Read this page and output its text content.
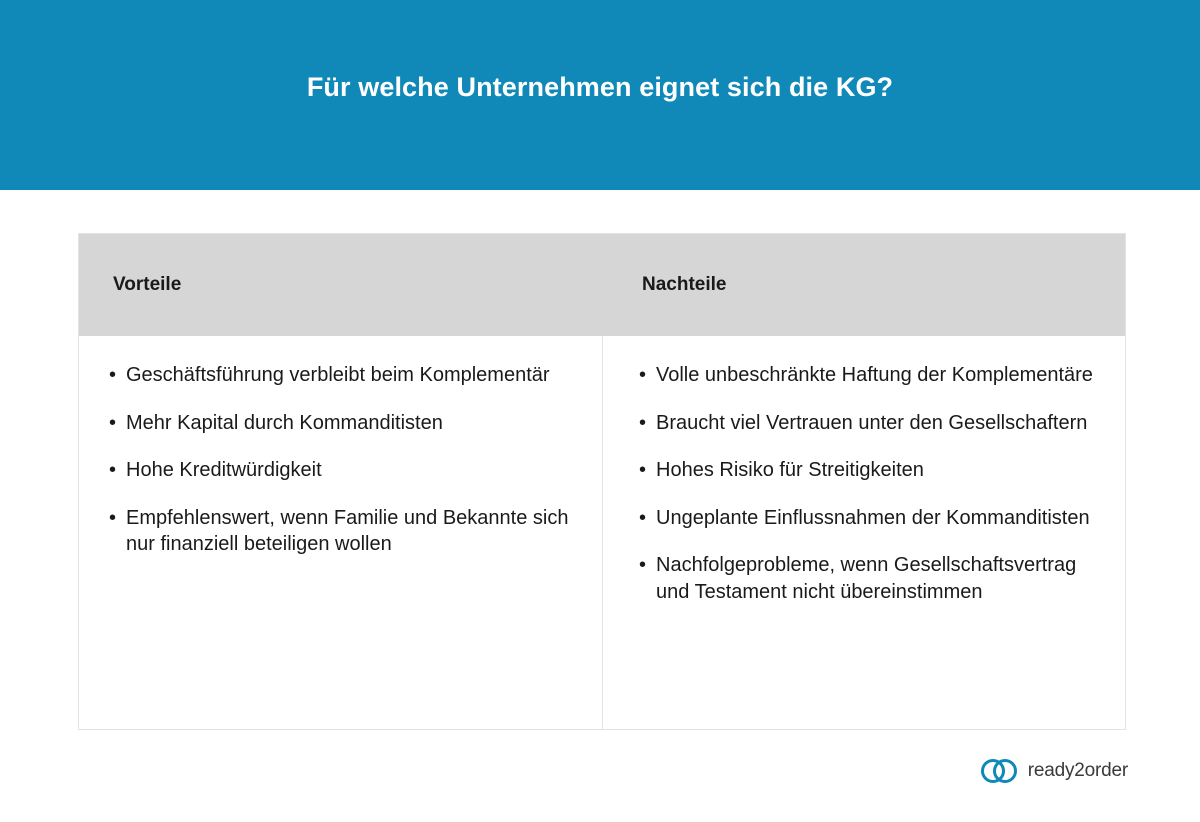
Für welche Unternehmen eignet sich die KG?
Vorteile	Nachteile
• Geschäftsführung verbleibt beim Komplementär
• Mehr Kapital durch Kommanditisten
• Hohe Kreditwürdigkeit
• Empfehlenswert, wenn Familie und Bekannte sich nur finanziell beteiligen wollen
• Volle unbeschränkte Haftung der Komplementäre
• Braucht viel Vertrauen unter den Gesellschaftern
• Hohes Risiko für Streitigkeiten
• Ungeplante Einflussnahmen der Kommanditisten
• Nachfolgeprobleme, wenn Gesellschaftsvertrag und Testament nicht übereinstimmen
ready2order
